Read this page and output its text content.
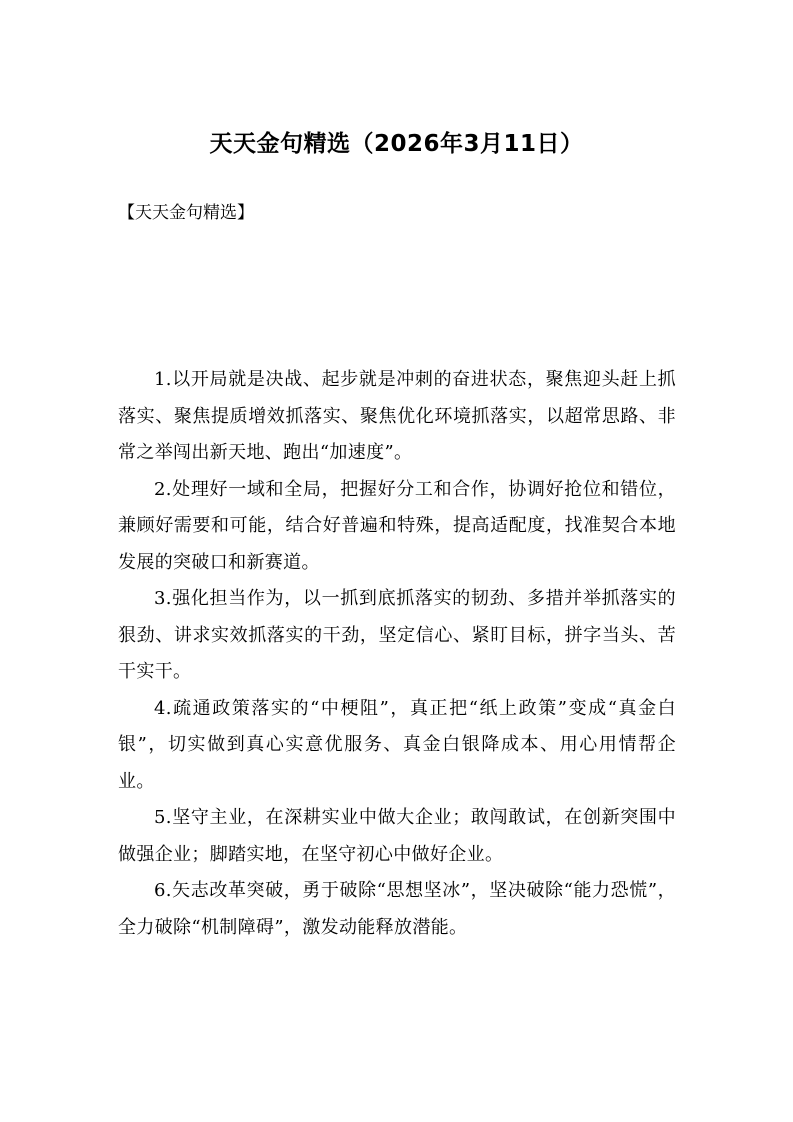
天天金句精选（2026年3月11日）
【天天金句精选】

1.以开局就是决战、起步就是冲刺的奋进状态，聚焦迎头赶上抓落实、聚焦提质增效抓落实、聚焦优化环境抓落实，以超常思路、非常之举闯出新天地、跑出“加速度”。

2.处理好一域和全局，把握好分工和合作，协调好抢位和错位，兼顾好需要和可能，结合好普遍和特殊，提高适配度，找准契合本地发展的突破口和新赛道。

3.强化担当作为，以一抓到底抓落实的韧劲、多措并举抓落实的狠劲、讲求实效抓落实的干劲，坚定信心、紧盯目标，拼字当头、苦干实干。

4.疏通政策落实的“中梗阻”，真正把“纸上政策”变成“真金白银”，切实做到真心实意优服务、真金白银降成本、用心用情帮企业。

5.坚守主业，在深耕实业中做大企业；敢闯敢试，在创新突围中做强企业；脚踏实地，在坚守初心中做好企业。

6.矢志改革突破，勇于破除“思想坚冰”，坚决破除“能力恐慌”，全力破除“机制障碍”，激发动能释放潜能。
